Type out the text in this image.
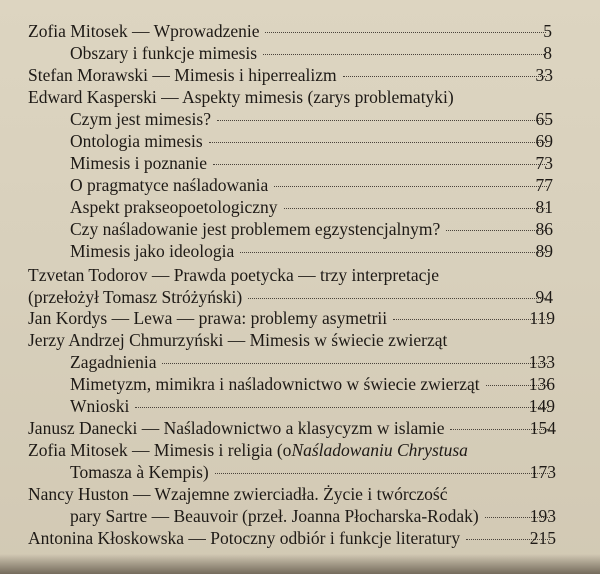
Zofia Mitosek — Wprowadzenie	5
Obszary i funkcje mimesis	8
Stefan Morawski — Mimesis i hiperrealizm	33
Edward Kasperski — Aspekty mimesis (zarys problematyki)
Czym jest mimesis?	65
Ontologia mimesis	69
Mimesis i poznanie	73
O pragmatyce naśladowania	77
Aspekt prakseopoetologiczny	81
Czy naśladowanie jest problemem egzystencjalnym?	86
Mimesis jako ideologia	89
Tzvetan Todorov — Prawda poetycka — trzy interpretacje
(przełożył Tomasz Stróżyński)	94
Jan Kordys — Lewa — prawa: problemy asymetrii	119
Jerzy Andrzej Chmurzyński — Mimesis w świecie zwierząt
Zagadnienia	133
Mimetyzm, mimikra i naśladownictwo w świecie zwierząt	136
Wnioski	149
Janusz Danecki — Naśladownictwo a klasycyzm w islamie	154
Zofia Mitosek — Mimesis i religia (o Naśladowaniu Chrystusa
Tomasza à Kempis)	173
Nancy Huston — Wzajemne zwierciadła. Życie i twórczość
pary Sartre — Beauvoir (przeł. Joanna Płocharska-Rodak)	193
Antonina Kłoskowska — Potoczny odbiór i funkcje literatury	215
